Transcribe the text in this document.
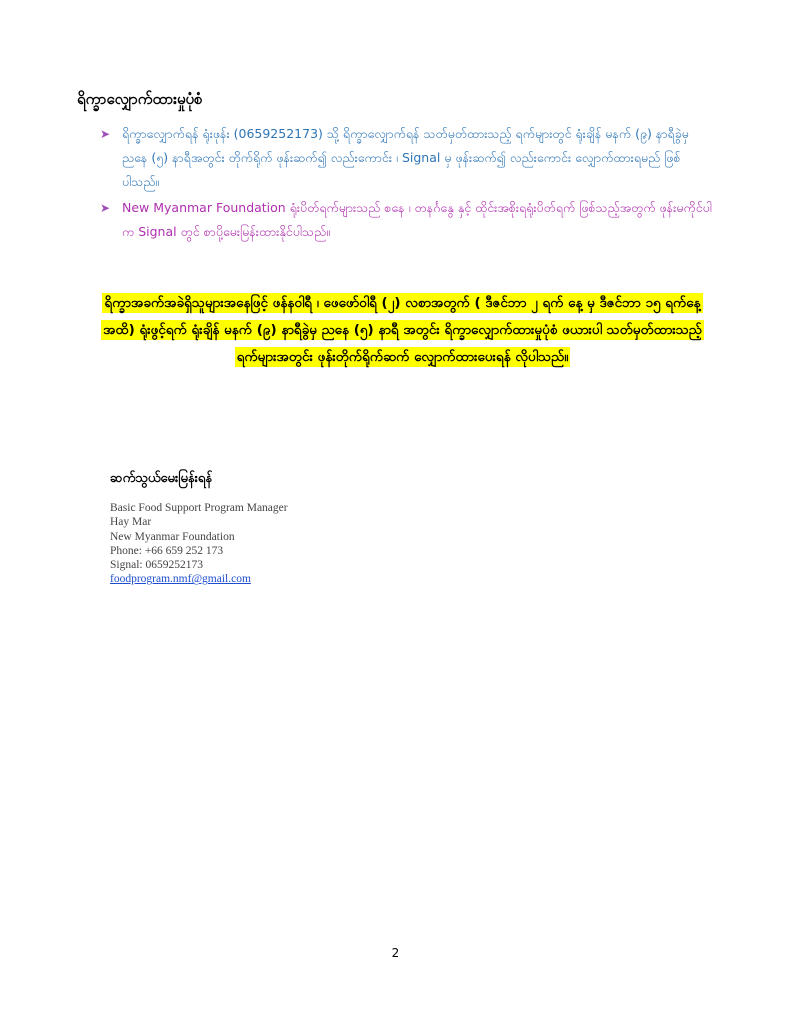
ရိက္ခာလျှောက်ထားမှုပုံစံ
➤ ရိက္ခာလျှောက်ရန် ရုံးဖုန်း (0659252173) သို့ ရိက္ခာလျှောက်ရန် သတ်မှတ်ထားသည့် ရက်များတွင် ရုံးချိန် မနက် (၉) နာရီခွဲမှ ညနေ (၅) နာရီအတွင်း တိုက်ရိုက် ဖုန်းဆက်၍ လည်းကောင်း ၊ Signal မှ ဖုန်းဆက်၍ လည်းကောင်း လျှောက်ထားရမည် ဖြစ်ပါသည်။
➤ New Myanmar Foundation ရုံးပိတ်ရက်များသည် စနေ ၊ တနင်္ဂနွေ နှင့် ထိုင်းအစိုးရရုံးပိတ်ရက် ဖြစ်သည့်အတွက် ဖုန်းမကိုင်ပါက Signal တွင် စာပို့မေးမြန်းထားနိုင်ပါသည်။

ရိက္ခာအခက်အခဲရှိသူများအနေဖြင့် ဖန်နဝါရီ ၊ ဖေဖော်ဝါရီ (၂) လစာအတွက် ( ဒီဇင်ဘာ ၂ ရက် နေ့ မှ ဒီဇင်ဘာ ၁၅ ရက်နေ့ အထိ) ရုံးဖွင့်ရက် ရုံးချိန် မနက် (၉) နာရီခွဲမှ ညနေ (၅) နာရီ အတွင်း ရိက္ခာလျှောက်ထားမှုပုံစံ ဖယားပါ သတ်မှတ်ထားသည့် ရက်များအတွင်း ဖုန်းတိုက်ရိုက်ဆက် လျှောက်ထားပေးရန် လိုပါသည်။

ဆက်သွယ်မေးမြန်းရန်
Basic Food Support Program Manager
Hay Mar
New Myanmar Foundation
Phone: +66 659 252 173
Signal: 0659252173
foodprogram.nmf@gmail.com
2
